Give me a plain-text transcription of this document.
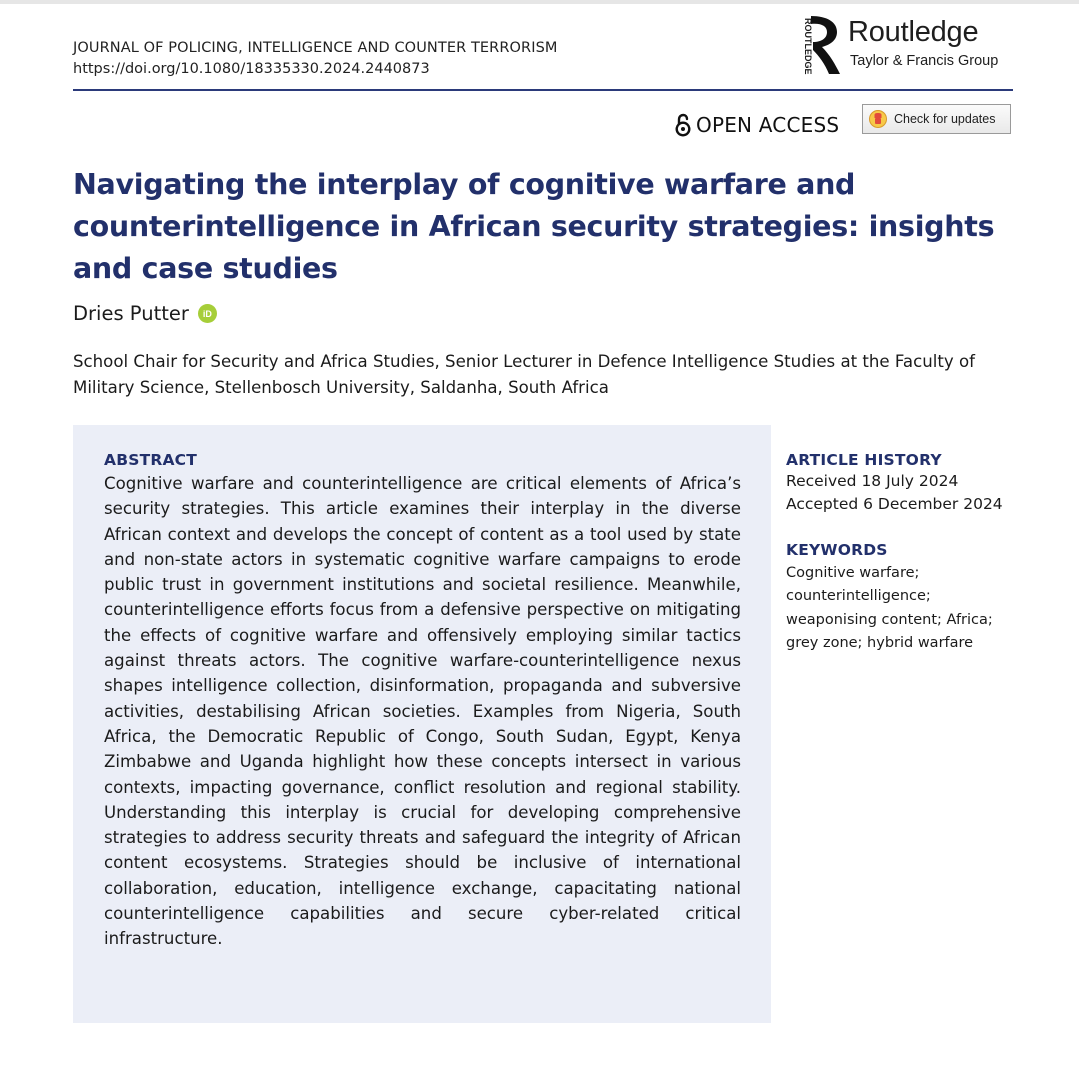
JOURNAL OF POLICING, INTELLIGENCE AND COUNTER TERRORISM
https://doi.org/10.1080/18335330.2024.2440873	ROUTLEDGE Routledge
Taylor & Francis Group
OPEN ACCESS	Check for updates
Navigating the interplay of cognitive warfare and counterintelligence in African security strategies: insights and case studies
Dries Putter	iD
School Chair for Security and Africa Studies, Senior Lecturer in Defence Intelligence Studies at the Faculty of Military Science, Stellenbosch University, Saldanha, South Africa
ABSTRACT

Cognitive warfare and counterintelligence are critical elements of Africa’s security strategies. This article examines their interplay in the diverse African context and develops the concept of content as a tool used by state and non-state actors in systematic cognitive warfare campaigns to erode public trust in government institutions and societal resilience. Meanwhile, counterintelligence efforts focus from a defensive perspective on mitigating the effects of cognitive warfare and offensively employing similar tactics against threats actors. The cognitive warfare-counterintelligence nexus shapes intelligence collection, disinformation, propaganda and subversive activities, destabilising African societies. Examples from Nigeria, South Africa, the Democratic Republic of Congo, South Sudan, Egypt, Kenya Zimbabwe and Uganda highlight how these concepts intersect in various contexts, impacting governance, conflict resolution and regional stability. Understanding this interplay is crucial for developing comprehensive strategies to address security threats and safeguard the integrity of African content ecosystems. Strategies should be inclusive of international collaboration, education, intelligence exchange, capacitating national counterintelligence capabilities and secure cyber-related critical infrastructure.

ARTICLE HISTORY
Received 18 July 2024
Accepted 6 December 2024
KEYWORDS
Cognitive warfare; counterintelligence; weaponising content; Africa; grey zone; hybrid warfare
